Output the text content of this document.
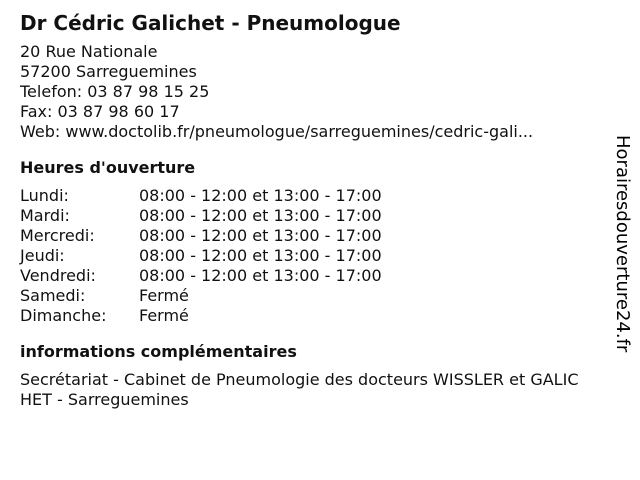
Dr Cédric Galichet - Pneumologue
20 Rue Nationale
57200 Sarreguemines
Telefon: 03 87 98 15 25
Fax: 03 87 98 60 17
Web: www.doctolib.fr/pneumologue/sarreguemines/cedric-gali...
Heures d'ouverture
Lundi:	08:00 - 12:00 et 13:00 - 17:00
Mardi:	08:00 - 12:00 et 13:00 - 17:00
Mercredi:	08:00 - 12:00 et 13:00 - 17:00
Jeudi:	08:00 - 12:00 et 13:00 - 17:00
Vendredi:	08:00 - 12:00 et 13:00 - 17:00
Samedi:	Fermé
Dimanche:	Fermé
informations complémentaires
Secrétariat - Cabinet de Pneumologie des docteurs WISSLER et GALICHET - Sarreguemines
Horairesdouverture24.fr
